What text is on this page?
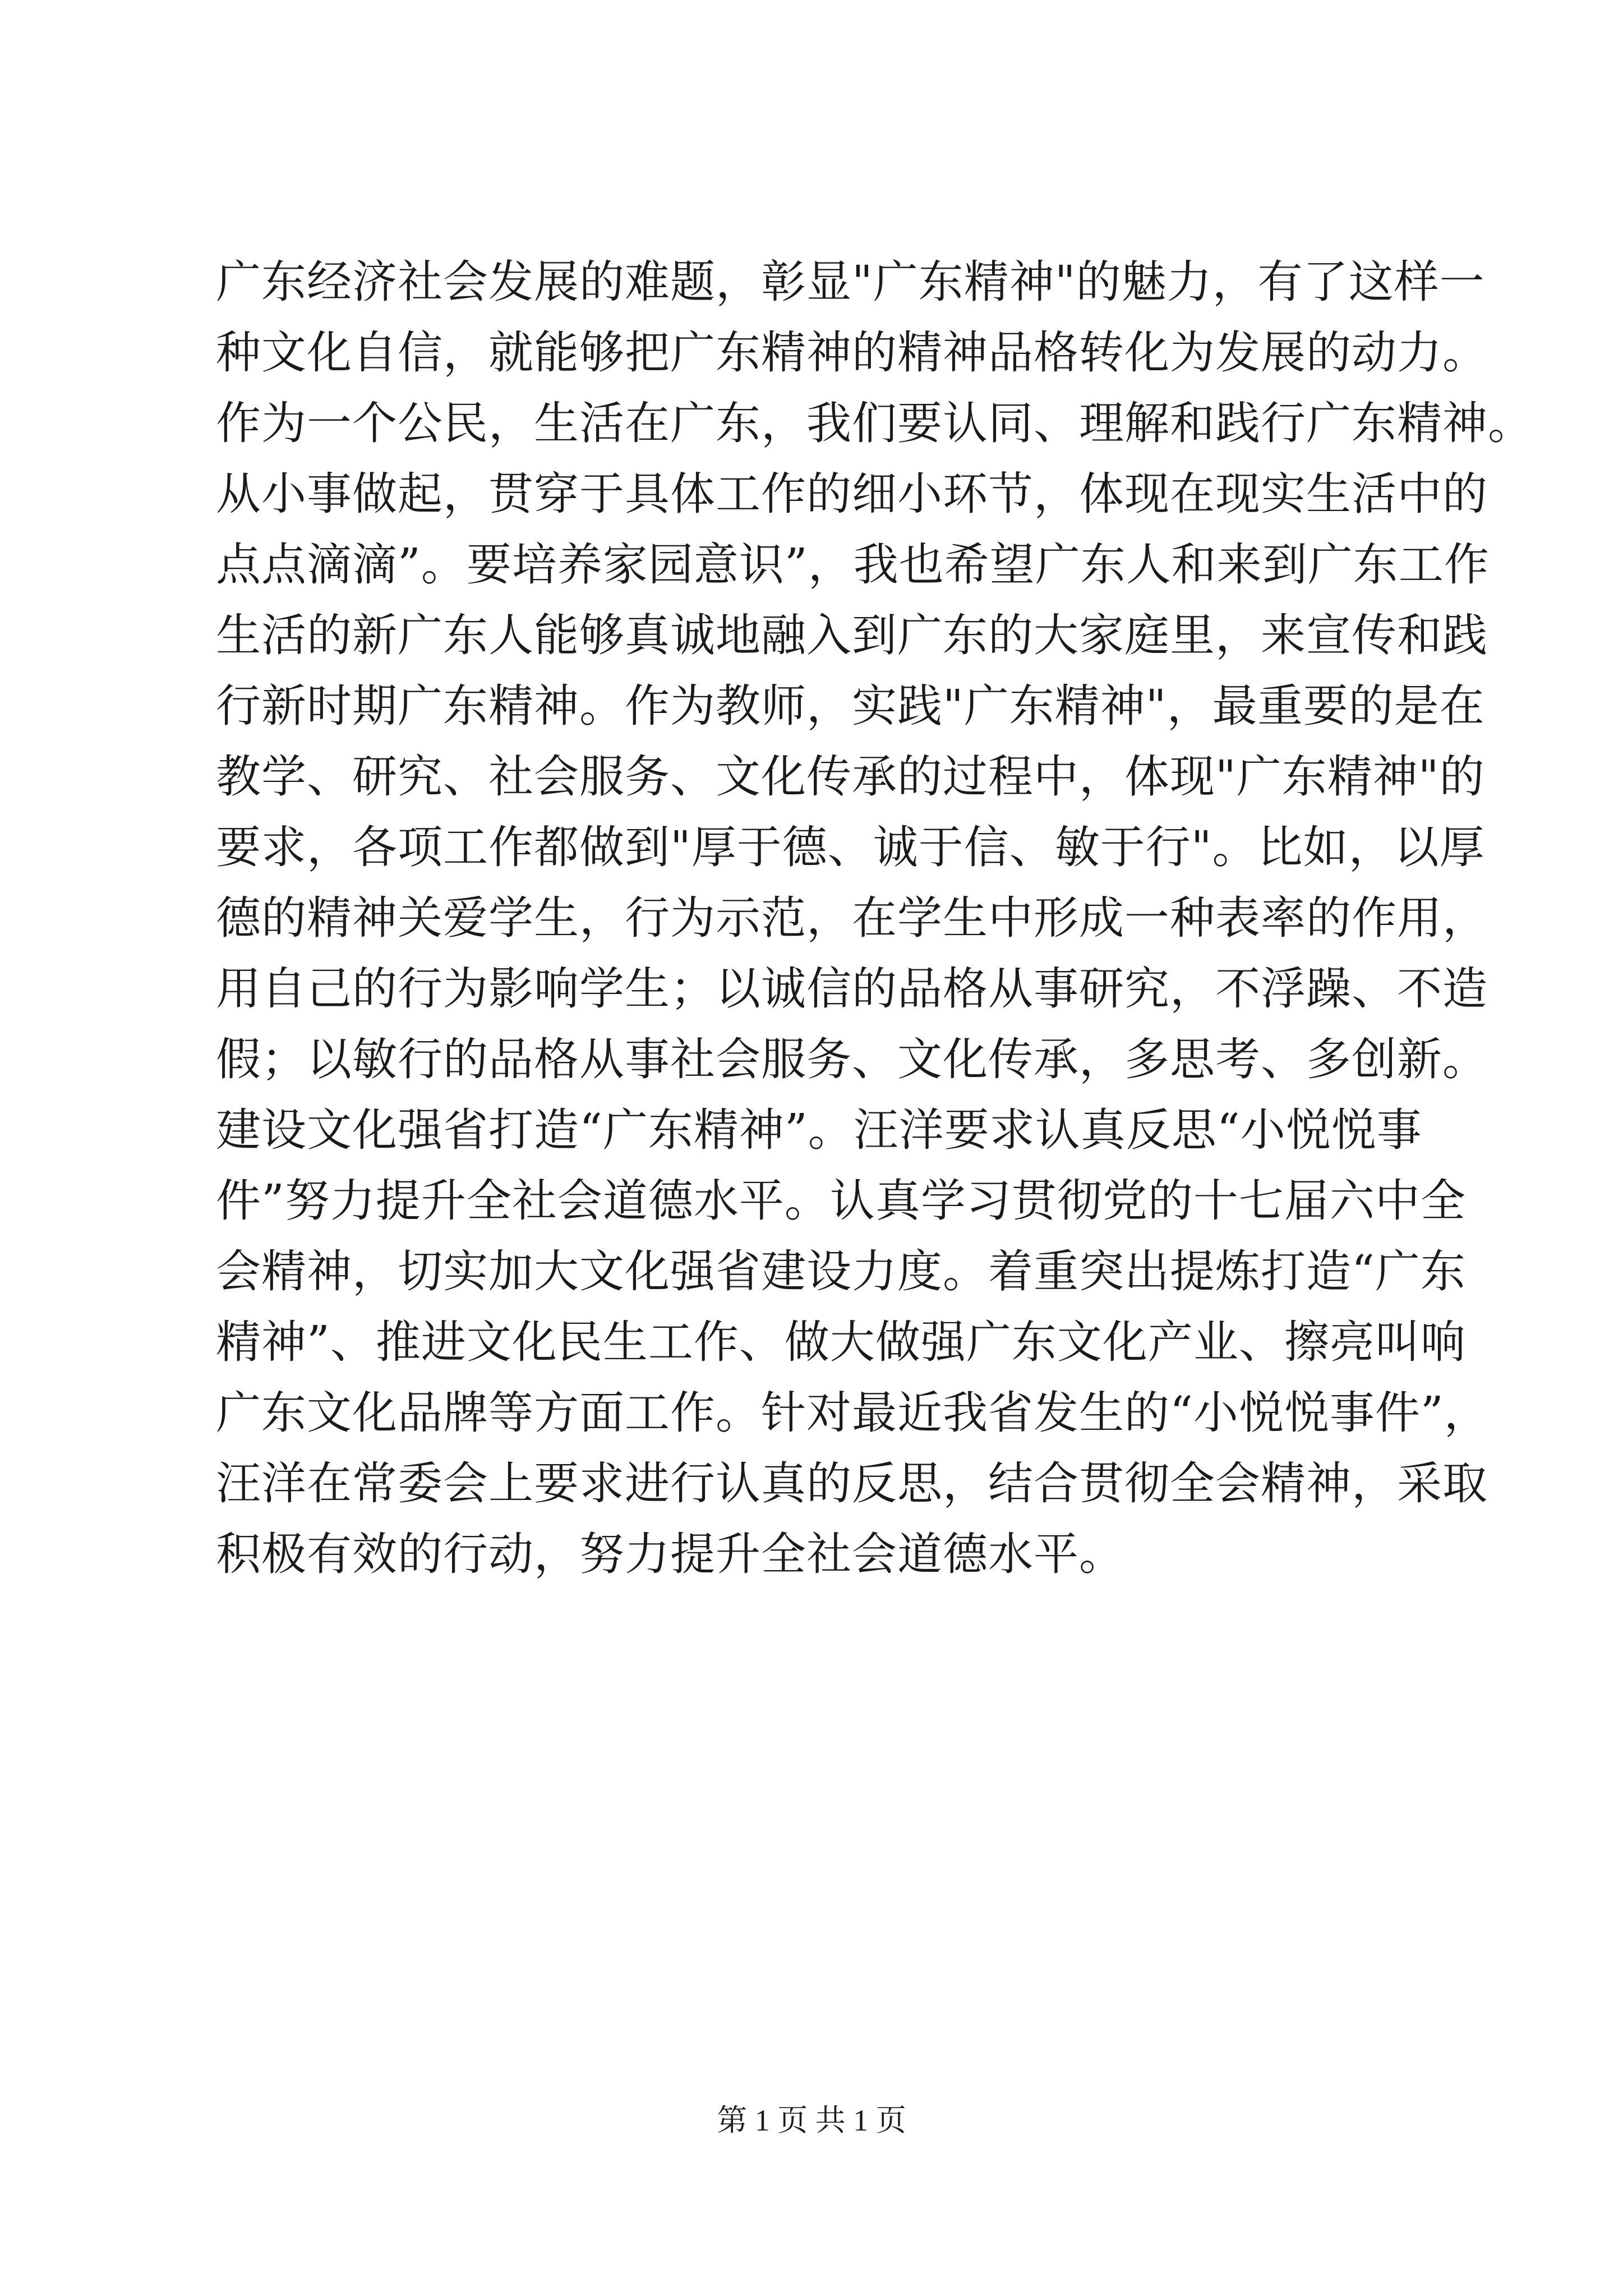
广东经济社会发展的难题，彰显"广东精神"的魅力，有了这样一
种文化自信，就能够把广东精神的精神品格转化为发展的动力。
作为一个公民，生活在广东，我们要认同、理解和践行广东精神。
从小事做起，贯穿于具体工作的细小环节，体现在现实生活中的
点点滴滴”。要培养家园意识”，我也希望广东人和来到广东工作
生活的新广东人能够真诚地融入到广东的大家庭里，来宣传和践
行新时期广东精神。作为教师，实践"广东精神"，最重要的是在
教学、研究、社会服务、文化传承的过程中，体现"广东精神"的
要求，各项工作都做到"厚于德、诚于信、敏于行"。比如，以厚
德的精神关爱学生，行为示范，在学生中形成一种表率的作用，
用自己的行为影响学生；以诚信的品格从事研究，不浮躁、不造
假；以敏行的品格从事社会服务、文化传承，多思考、多创新。
建设文化强省打造“广东精神”。汪洋要求认真反思“小悦悦事
件”努力提升全社会道德水平。认真学习贯彻党的十七届六中全
会精神，切实加大文化强省建设力度。着重突出提炼打造“广东
精神”、推进文化民生工作、做大做强广东文化产业、擦亮叫响
广东文化品牌等方面工作。针对最近我省发生的“小悦悦事件”，
汪洋在常委会上要求进行认真的反思，结合贯彻全会精神，采取
积极有效的行动，努力提升全社会道德水平。
第 1 页 共 1 页
